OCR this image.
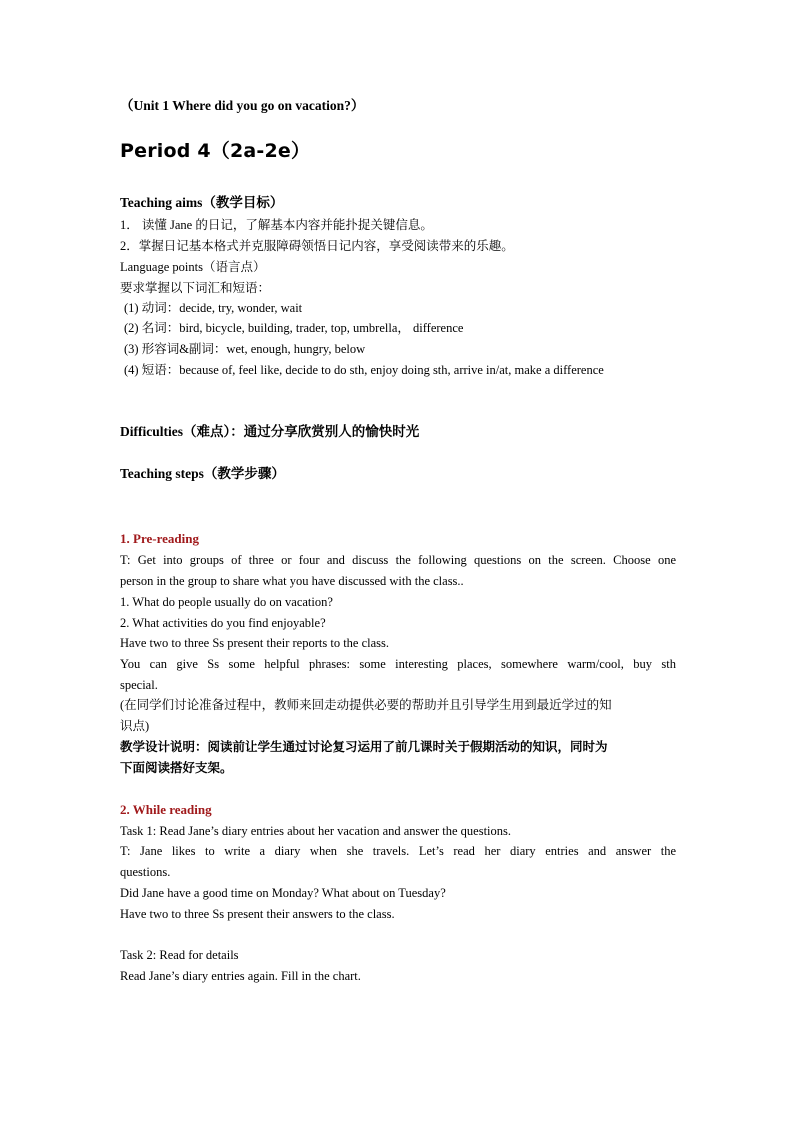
（Unit 1 Where did you go on vacation?）
Period 4（2a-2e）
Teaching aims（教学目标）
1． 读懂 Jane 的日记，了解基本内容并能扑捉关键信息。
2．掌握日记基本格式并克服障碍领悟日记内容，享受阅读带来的乐趣。
Language points（语言点）
要求掌握以下词汇和短语：
(1) 动词：decide, try, wonder, wait
(2) 名词：bird, bicycle, building, trader, top, umbrella， difference
(3) 形容词&副词：wet, enough, hungry, below
(4) 短语：because of, feel like, decide to do sth, enjoy doing sth, arrive in/at, make a difference
Difficulties（难点）：通过分享欣赏别人的愉快时光
Teaching steps（教学步骤）
1. Pre-reading
T: Get into groups of three or four and discuss the following questions on the screen. Choose one
person in the group to share what you have discussed with the class..
1. What do people usually do on vacation?
2. What activities do you find enjoyable?
Have two to three Ss present their reports to the class.
You can give Ss some helpful phrases: some interesting places, somewhere warm/cool, buy sth
special.
(在同学们讨论准备过程中，教师来回走动提供必要的帮助并且引导学生用到最近学过的知
识点)
教学设计说明：阅读前让学生通过讨论复习运用了前几课时关于假期活动的知识，同时为
下面阅读搭好支架。
2. While reading
Task 1: Read Jane’s diary entries about her vacation and answer the questions.
T: Jane likes to write a diary when she travels. Let’s read her diary entries and answer the
questions.
Did Jane have a good time on Monday? What about on Tuesday?
Have two to three Ss present their answers to the class.
Task 2: Read for details
Read Jane’s diary entries again. Fill in the chart.
